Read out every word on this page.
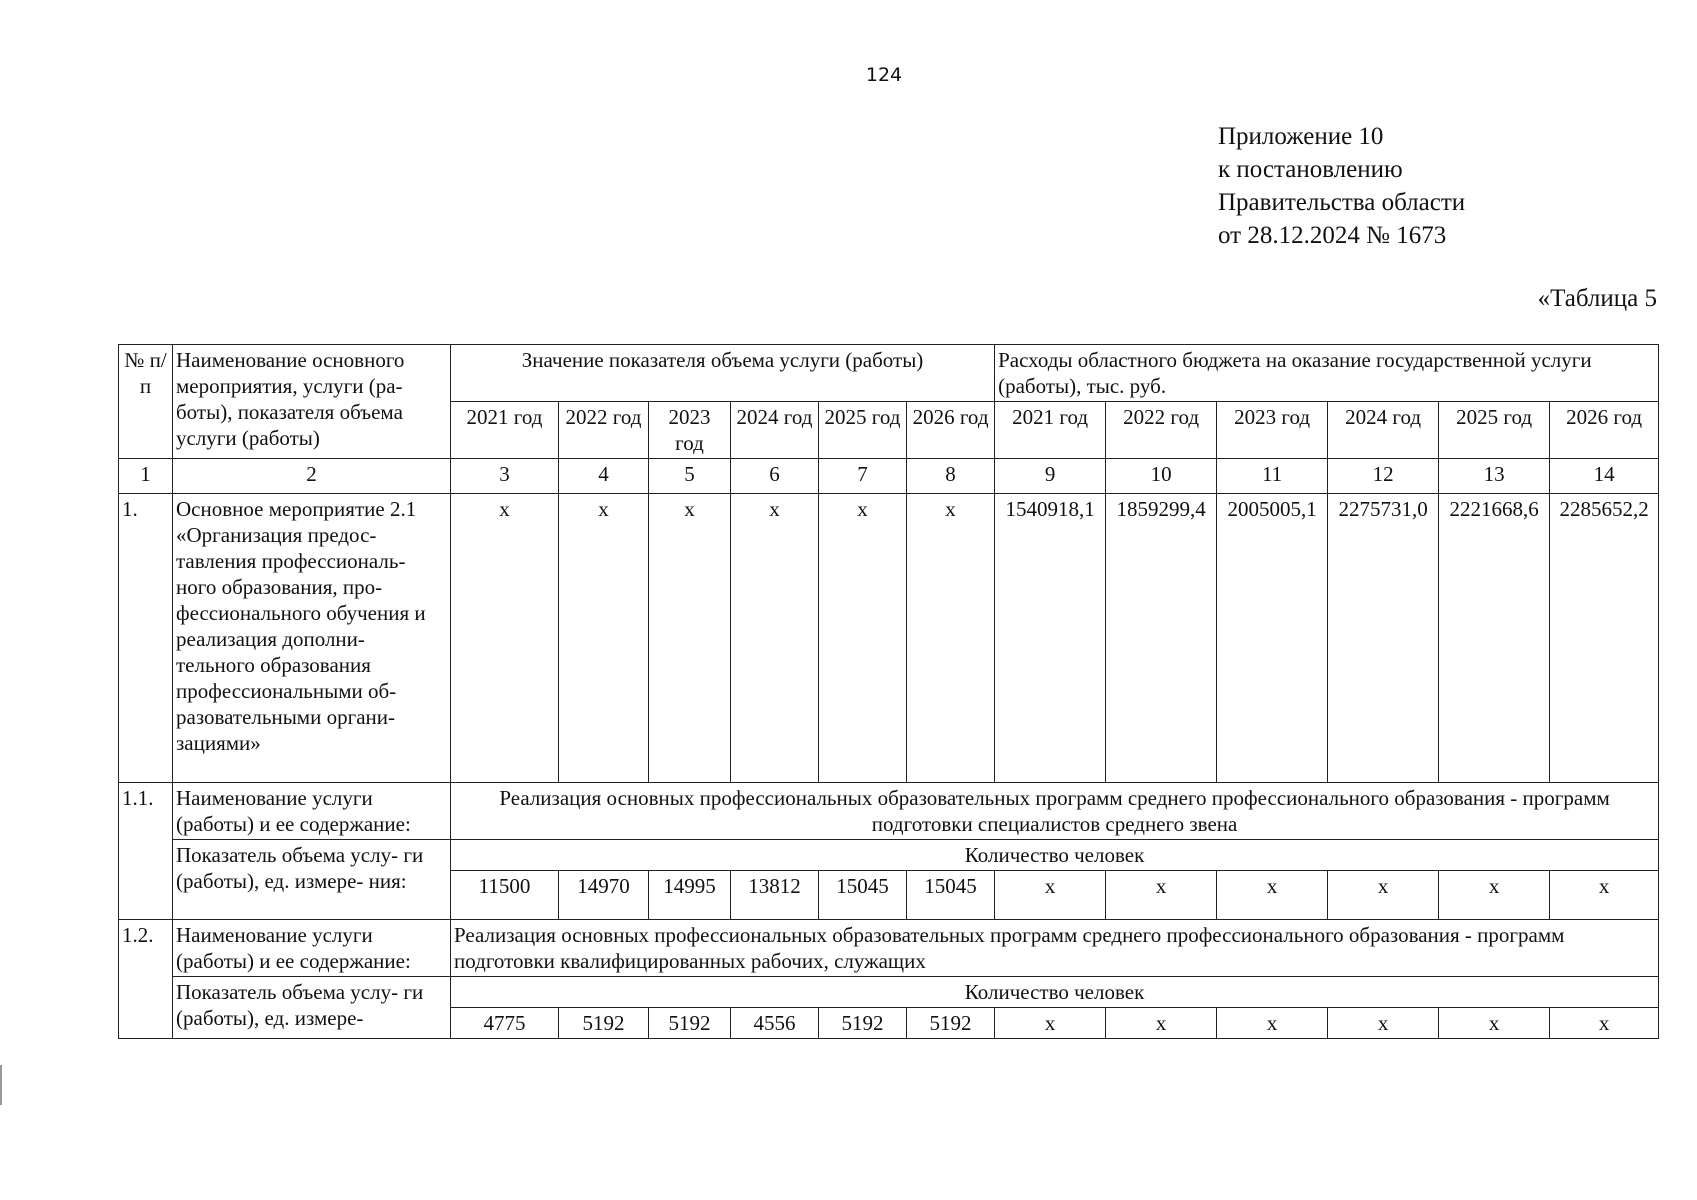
124
Приложение 10
к постановлению
Правительства области
от 28.12.2024 № 1673
«Таблица 5
№ п/п	Наименование основного мероприятия, услуги (ра- боты), показателя объема услуги (работы)	Значение показателя объема услуги (работы)						Расходы областного бюджета на оказание государственной услуги (работы), тыс. руб.					
		2021 год	2022 год	2023 год	2024 год	2025 год	2026 год	2021 год	2022 год	2023 год	2024 год	2025 год	2026 год
1	2	3	4	5	6	7	8	9	10	11	12	13	14
1.	Основное мероприятие 2.1 «Организация предос- тавления профессиональ- ного образования, про- фессионального обучения и реализация дополни- тельного образования профессиональными об- разовательными органи- зациями»	x	x	x	x	x	x	1540918,1	1859299,4	2005005,1	2275731,0	2221668,6	2285652,2
1.1.	Наименование услуги (работы) и ее содержание:	Реализация основных профессиональных образовательных программ среднего профессионального образования - программ подготовки специалистов среднего звена											
	Показатель объема услу- ги (работы), ед. измере- ния:	Количество человек											
		11500	14970	14995	13812	15045	15045	x	x	x	x	x	x
1.2.	Наименование услуги (работы) и ее содержание:	Реализация основных профессиональных образовательных программ среднего профессионального образования - программ подготовки квалифицированных рабочих, служащих											
	Показатель объема услу- ги (работы), ед. измере-	Количество человек											
		4775	5192	5192	4556	5192	5192	x	x	x	x	x	x
